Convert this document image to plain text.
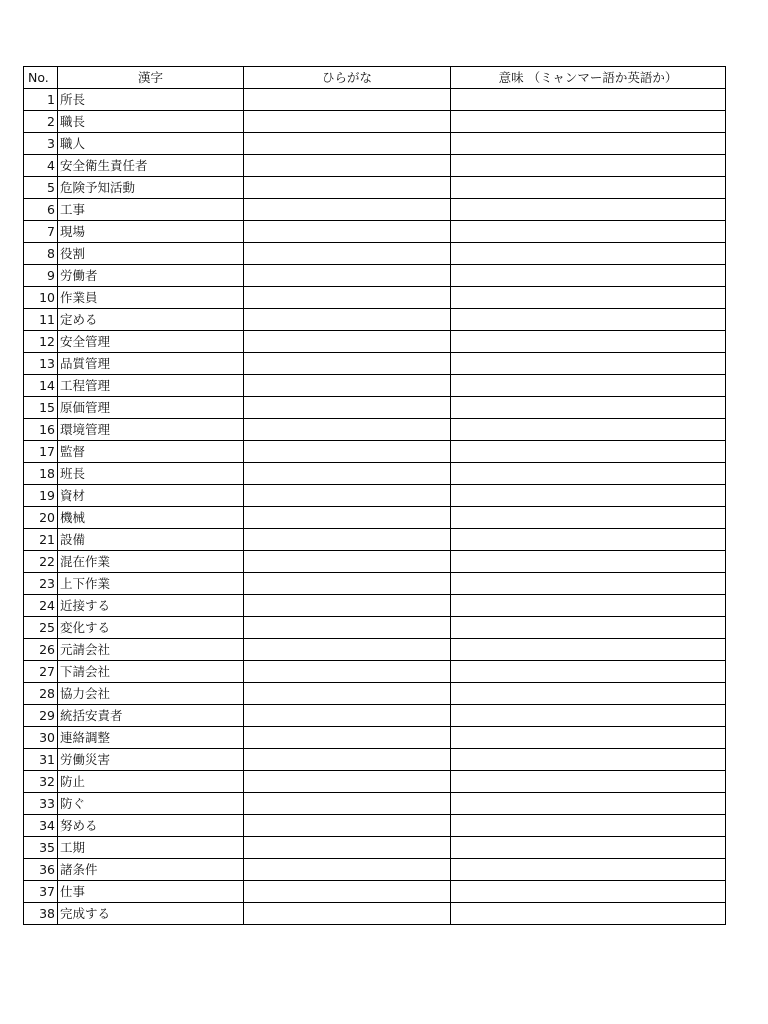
No.	漢字	ひらがな	意味 （ミャンマー語か英語か）
1	所長		
2	職長		
3	職人		
4	安全衛生責任者		
5	危険予知活動		
6	工事		
7	現場		
8	役割		
9	労働者		
10	作業員		
11	定める		
12	安全管理		
13	品質管理		
14	工程管理		
15	原価管理		
16	環境管理		
17	監督		
18	班長		
19	資材		
20	機械		
21	設備		
22	混在作業		
23	上下作業		
24	近接する		
25	変化する		
26	元請会社		
27	下請会社		
28	協力会社		
29	統括安責者		
30	連絡調整		
31	労働災害		
32	防止		
33	防ぐ		
34	努める		
35	工期		
36	諸条件		
37	仕事		
38	完成する		
